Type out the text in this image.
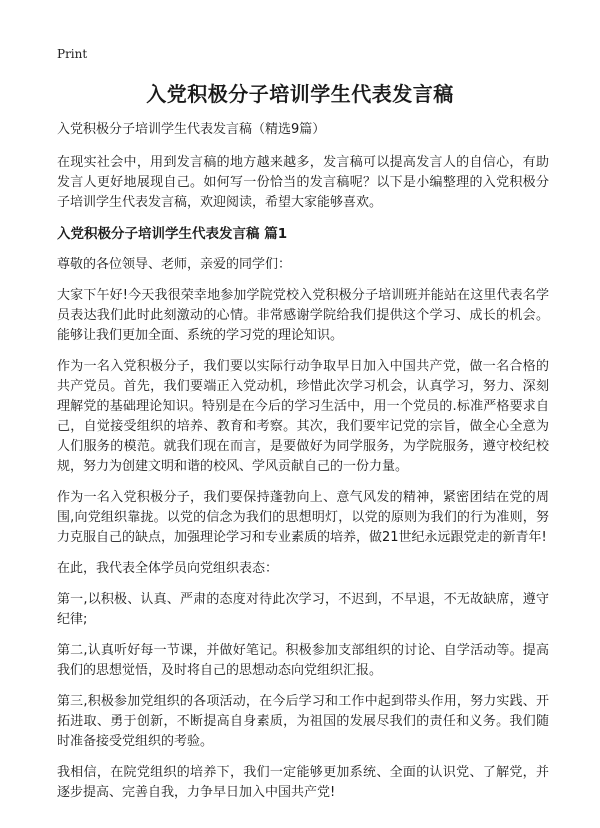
Print
入党积极分子培训学生代表发言稿

入党积极分子培训学生代表发言稿（精选9篇）

在现实社会中，用到发言稿的地方越来越多，发言稿可以提高发言人的自信心，有助发言人更好地展现自己。如何写一份恰当的发言稿呢？以下是小编整理的入党积极分子培训学生代表发言稿，欢迎阅读，希望大家能够喜欢。

入党积极分子培训学生代表发言稿 篇1

尊敬的各位领导、老师，亲爱的同学们：

大家下午好!今天我很荣幸地参加学院党校入党积极分子培训班并能站在这里代表名学员表达我们此时此刻激动的心情。非常感谢学院给我们提供这个学习、成长的机会。能够让我们更加全面、系统的学习党的理论知识。

作为一名入党积极分子，我们要以实际行动争取早日加入中国共产党，做一名合格的共产党员。首先，我们要端正入党动机，珍惜此次学习机会，认真学习，努力、深刻理解党的基础理论知识。特别是在今后的学习生活中，用一个党员的.标准严格要求自己，自觉接受组织的培养、教育和考察。其次，我们要牢记党的宗旨，做全心全意为人们服务的模范。就我们现在而言，是要做好为同学服务，为学院服务，遵守校纪校规，努力为创建文明和谐的校风、学风贡献自己的一份力量。

作为一名入党积极分子，我们要保持蓬勃向上、意气风发的精神，紧密团结在党的周围,向党组织靠拢。以党的信念为我们的思想明灯，以党的原则为我们的行为准则，努力克服自己的缺点，加强理论学习和专业素质的培养，做21世纪永远跟党走的新青年!

在此，我代表全体学员向党组织表态：

第一,以积极、认真、严肃的态度对待此次学习，不迟到，不早退，不无故缺席，遵守纪律;

第二,认真听好每一节课，并做好笔记。积极参加支部组织的讨论、自学活动等。提高我们的思想觉悟，及时将自己的思想动态向党组织汇报。

第三,积极参加党组织的各项活动，在今后学习和工作中起到带头作用，努力实践、开拓进取、勇于创新，不断提高自身素质，为祖国的发展尽我们的责任和义务。我们随时准备接受党组织的考验。

我相信，在院党组织的培养下，我们一定能够更加系统、全面的认识党、了解党，并逐步提高、完善自我，力争早日加入中国共产党!
